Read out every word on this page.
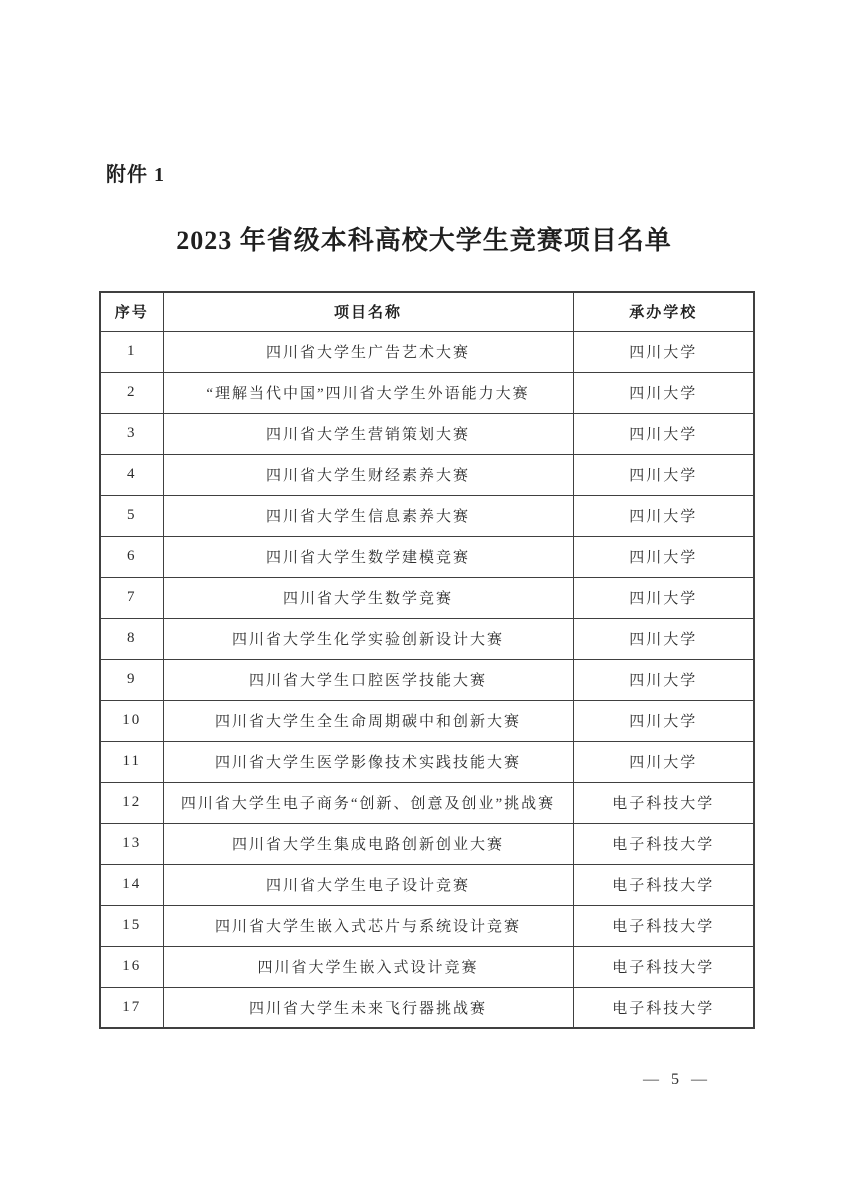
附件 1
2023 年省级本科高校大学生竞赛项目名单
序号	项目名称	承办学校
1	四川省大学生广告艺术大赛	四川大学
2	“理解当代中国”四川省大学生外语能力大赛	四川大学
3	四川省大学生营销策划大赛	四川大学
4	四川省大学生财经素养大赛	四川大学
5	四川省大学生信息素养大赛	四川大学
6	四川省大学生数学建模竞赛	四川大学
7	四川省大学生数学竞赛	四川大学
8	四川省大学生化学实验创新设计大赛	四川大学
9	四川省大学生口腔医学技能大赛	四川大学
10	四川省大学生全生命周期碳中和创新大赛	四川大学
11	四川省大学生医学影像技术实践技能大赛	四川大学
12	四川省大学生电子商务“创新、创意及创业”挑战赛	电子科技大学
13	四川省大学生集成电路创新创业大赛	电子科技大学
14	四川省大学生电子设计竞赛	电子科技大学
15	四川省大学生嵌入式芯片与系统设计竞赛	电子科技大学
16	四川省大学生嵌入式设计竞赛	电子科技大学
17	四川省大学生未来飞行器挑战赛	电子科技大学
— 5 —
